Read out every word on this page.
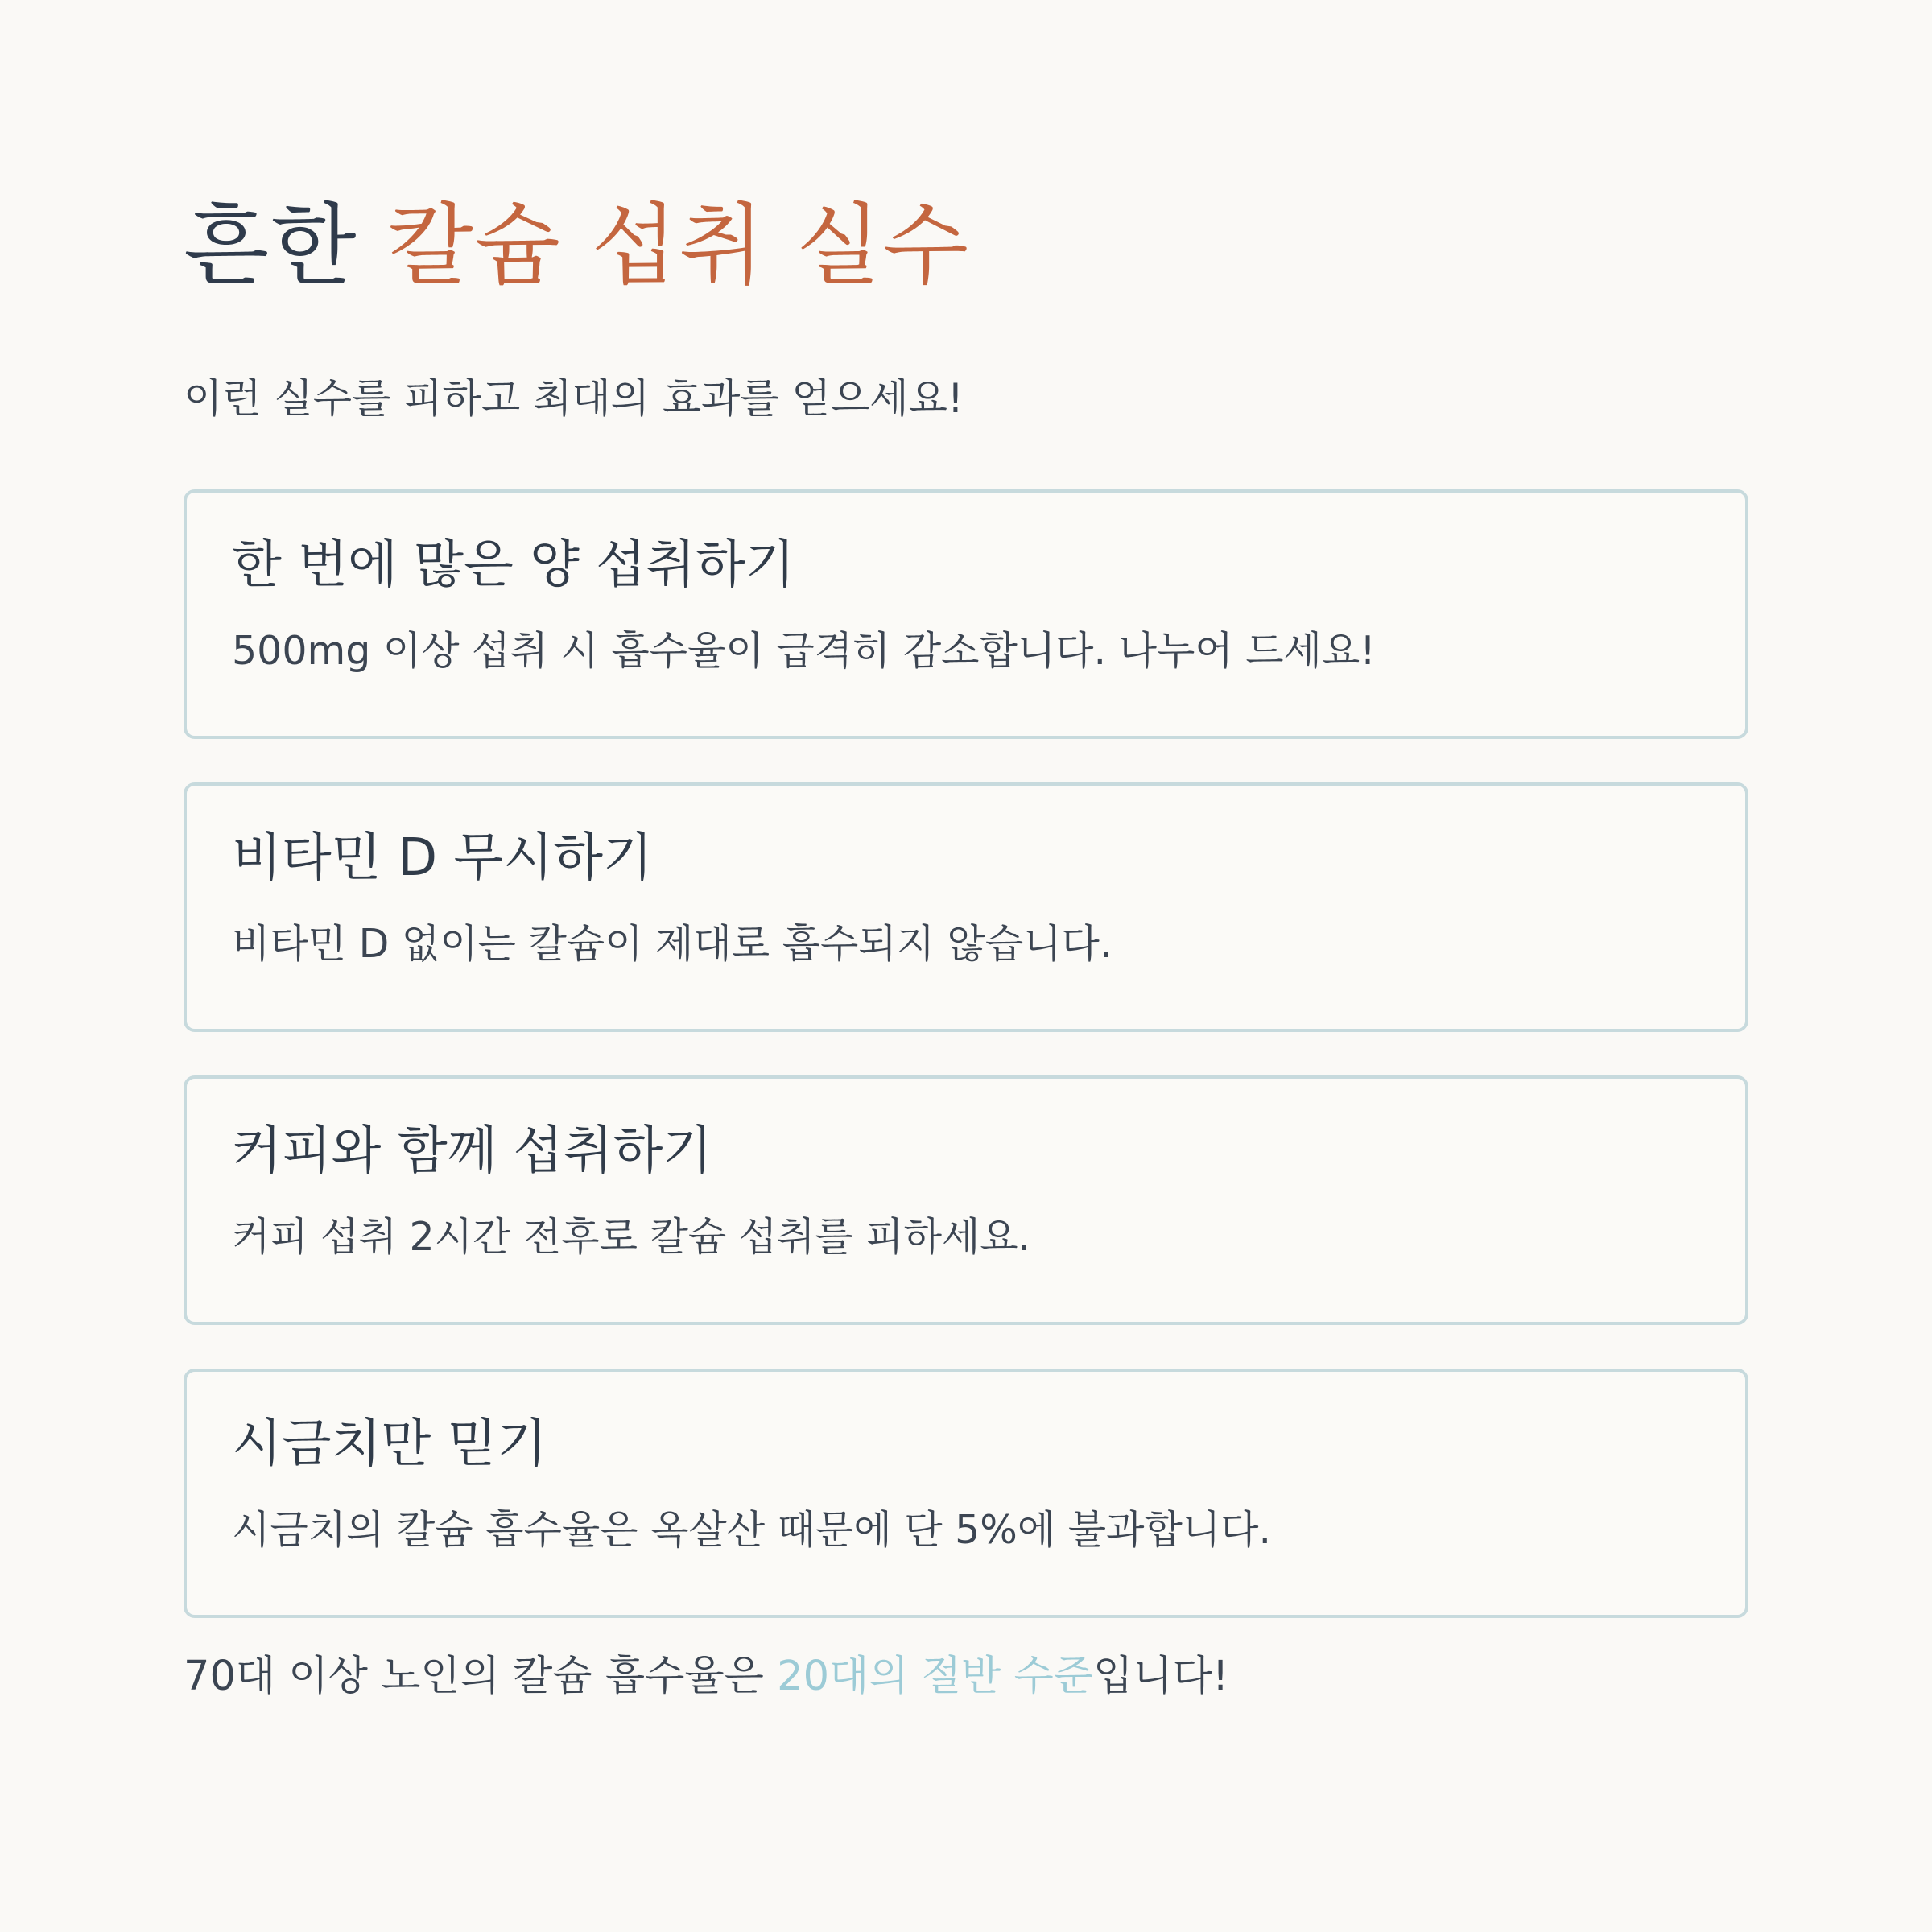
흔한 칼슘 섭취 실수

이런 실수를 피하고 최대의 효과를 얻으세요!

한 번에 많은 양 섭취하기
500mg 이상 섭취 시 흡수율이 급격히 감소합니다. 나누어 드세요!
비타민 D 무시하기
비타민 D 없이는 칼슘이 제대로 흡수되지 않습니다.
커피와 함께 섭취하기
커피 섭취 2시간 전후로 칼슘 섭취를 피하세요.
시금치만 믿기
시금치의 칼슘 흡수율은 옥살산 때문에 단 5%에 불과합니다.

70대 이상 노인의 칼슘 흡수율은 20대의 절반 수준입니다!
